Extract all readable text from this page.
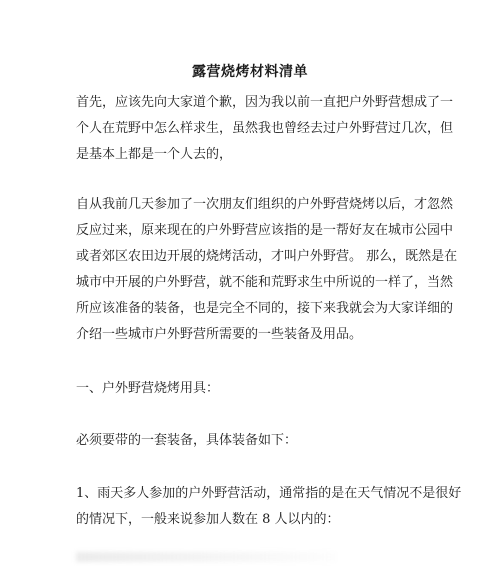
露营烧烤材料清单

首先，应该先向大家道个歉，因为我以前一直把户外野营想成了一
个人在荒野中怎么样求生，虽然我也曾经去过户外野营过几次，但
是基本上都是一个人去的，

自从我前几天参加了一次朋友们组织的户外野营烧烤以后，才忽然
反应过来，原来现在的户外野营应该指的是一帮好友在城市公园中
或者郊区农田边开展的烧烤活动，才叫户外野营。 那么，既然是在
城市中开展的户外野营，就不能和荒野求生中所说的一样了，当然
所应该准备的装备，也是完全不同的，接下来我就会为大家详细的
介绍一些城市户外野营所需要的一些装备及用品。

一、户外野营烧烤用具：

必须要带的一套装备，具体装备如下：

1、雨天多人参加的户外野营活动，通常指的是在天气情况不是很好
的情况下，一般来说参加人数在 8 人以内的：
